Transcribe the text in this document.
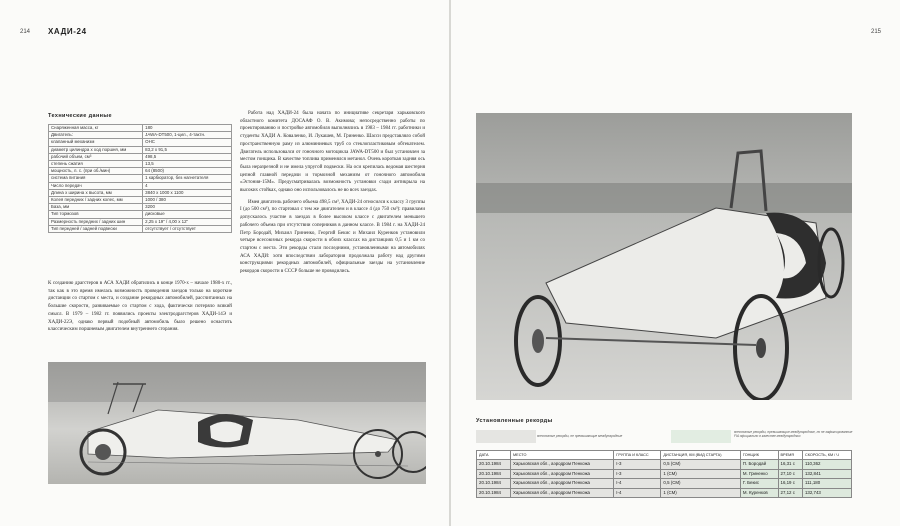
214 ХАДИ-24
Технические данные
Снаряженная масса, кг	180
Двигатель:	JAWA-DT500, 1-цил., 4-тактн.
клапанный механизм	OHC
диаметр цилиндра х ход поршня, мм	83,2 х 91,5
рабочий объем, см³	498,5
степень сжатия	13,5
мощность, л. с. (при об./мин)	64 (8500)
система питания	1 карбюратор, без нагнетателя
Число передач	4
Длина х ширина х высота, мм	3840 х 1000 х 1100
Колея передних / задних колес, мм	1000 / 380
База, мм	3200
Тип тормозов	дисковые
Размерность передних / задних шин	2,25 х 19" / 4,00 х 12"
Тип передней / задней подвески	отсутствует / отсутствует

К созданию драгстеров в АСА ХАДИ обратились в конце 1970-х – начале 1980-х гг., так как в это время имелась возможность проведения заездов только на короткие дистанции со стартом с места, и создание рекордных автомобилей, рассчитанных на большие скорости, развиваемые со стартом с хода, фактически потеряло всякий смысл. В 1979 – 1982 гг. появились проекты электродрагстеров ХАДИ-14Э и ХАДИ-22Э, однако первый подобный автомобиль было решено оснастить классическим поршневым двигателем внутреннего сгорания.

Работа над ХАДИ-24 была начата по инициативе секретаря харьковского областного комитета ДОСААФ О. В. Акимова; непосредственно работы по проектированию и постройке автомобиля выполнялись в 1983 – 1984 гг. работники и студенты ХАДИ А. Коваленко, И. Лукашев, М. Гриненко. Шасси представляло собой пространственную раму из алюминиевых труб со стеклопластиковым обтекателем. Двигатель использовался от гоночного мотоцикла JAWA-DT500 и был установлен за местом гонщика. В качестве топлива применялся метанол. Очень короткая задняя ось была неразрезной и не имела упругой подвески. На оси крепилась ведомая шестерня цепной главной передачи и тормозной механизм от гоночного автомобиля «Эстония-15М». Предусматривалась возможность установки сзади антикрыла на высоких стойках, однако оно использовалось не во всех заездах.

Имея двигатель рабочего объема 498,5 см³, ХАДИ-24 относился к классу 3 группы I (до 500 см³), по стартовал с тем же двигателем и в классе 4 (до 750 см³): правилами допускалось участие в заездах в более высоком классе с двигателем меньшего рабочего объема при отсутствии соперников в данном классе. В 1984 г. на ХАДИ-24 Петр Бородай, Михаил Гриненко, Георгий Бекис и Михаил Куренков установили четыре всесоюзных рекорда скорости в обоих классах на дистанциях 0,5 и 1 км со стартом с места. Эти рекорды стали последними, установленными на автомобилях АСА ХАДИ: хотя впоследствии лаборатория продолжала работу над другими конструкциями рекордных автомобилей, официальные заезды на установление рекордов скорости в СССР больше не проводились.

215
Установленные рекорды
всесоюзные рекорды, не превышающие международные
всесоюзные рекорды, превышающие международные, но не зафиксированные FIA официально в качестве международных
ДАТА	МЕСТО	ГРУППА И КЛАСС	ДИСТАНЦИЯ, КМ (ВИД СТАРТА)	ГОНЩИК	ВРЕМЯ	СКОРОСТЬ, КМ / Ч
20.10.1984	Харьковская обл., аэродром Пенкожа	I-3	0,5 (СМ)	П. Бородай	16,31 с	110,362
20.10.1984	Харьковская обл., аэродром Пенкожа	I-3	1 (СМ)	М. Гриненко	27,10 с	132,841
20.10.1984	Харьковская обл., аэродром Пенкожа	I-4	0,5 (СМ)	Г. Бекис	16,19 с	111,180
20.10.1984	Харьковская обл., аэродром Пенкожа	I-4	1 (СМ)	М. Куренков	27,12 с	132,743
